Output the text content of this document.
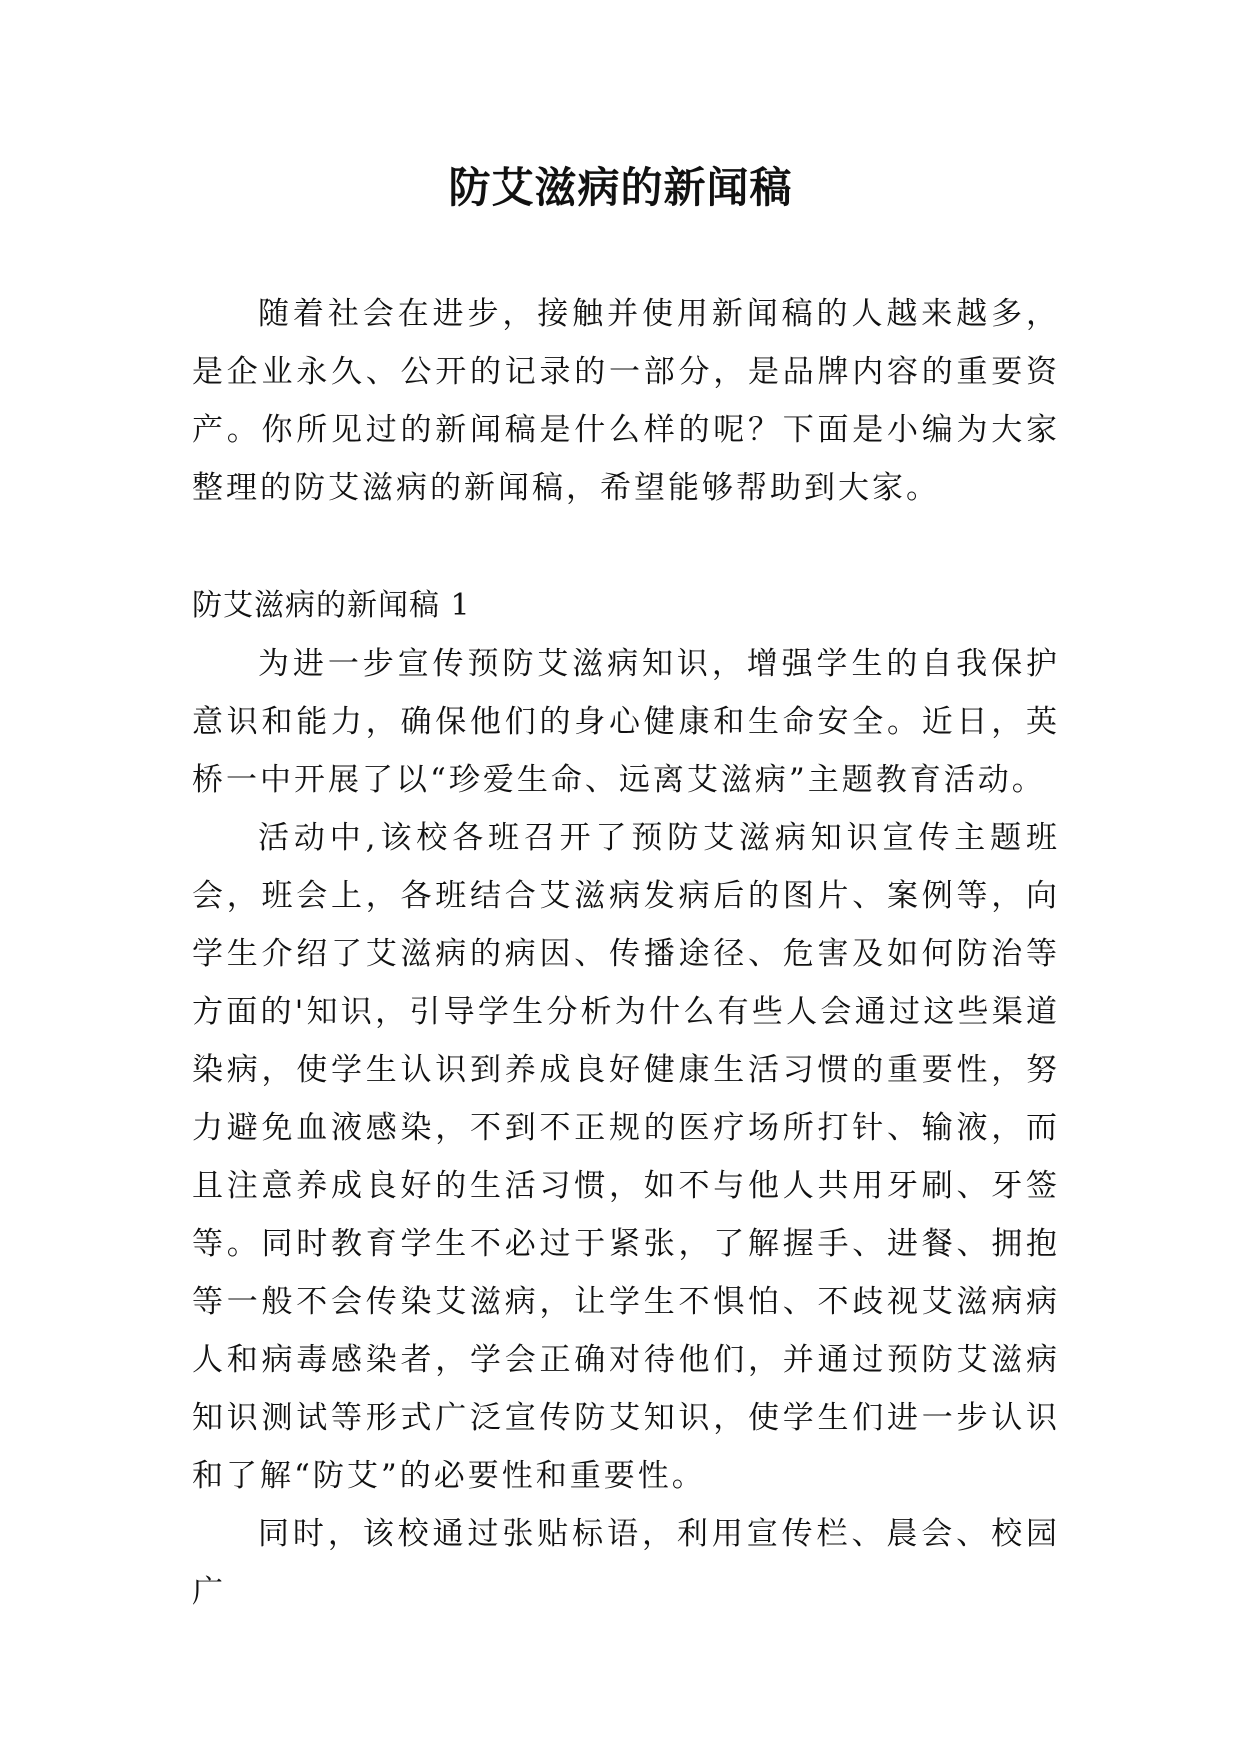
防艾滋病的新闻稿

随着社会在进步，接触并使用新闻稿的人越来越多，是企业永久、公开的记录的一部分，是品牌内容的重要资产。你所见过的新闻稿是什么样的呢？下面是小编为大家整理的防艾滋病的新闻稿，希望能够帮助到大家。

防艾滋病的新闻稿 1

为进一步宣传预防艾滋病知识，增强学生的自我保护意识和能力，确保他们的身心健康和生命安全。近日，英桥一中开展了以“珍爱生命、远离艾滋病”主题教育活动。

活动中,该校各班召开了预防艾滋病知识宣传主题班会，班会上，各班结合艾滋病发病后的图片、案例等，向学生介绍了艾滋病的病因、传播途径、危害及如何防治等方面的'知识，引导学生分析为什么有些人会通过这些渠道染病，使学生认识到养成良好健康生活习惯的重要性，努力避免血液感染，不到不正规的医疗场所打针、输液，而且注意养成良好的生活习惯，如不与他人共用牙刷、牙签等。同时教育学生不必过于紧张，了解握手、进餐、拥抱等一般不会传染艾滋病，让学生不惧怕、不歧视艾滋病病人和病毒感染者，学会正确对待他们，并通过预防艾滋病知识测试等形式广泛宣传防艾知识，使学生们进一步认识和了解“防艾”的必要性和重要性。

同时，该校通过张贴标语，利用宣传栏、晨会、校园广
